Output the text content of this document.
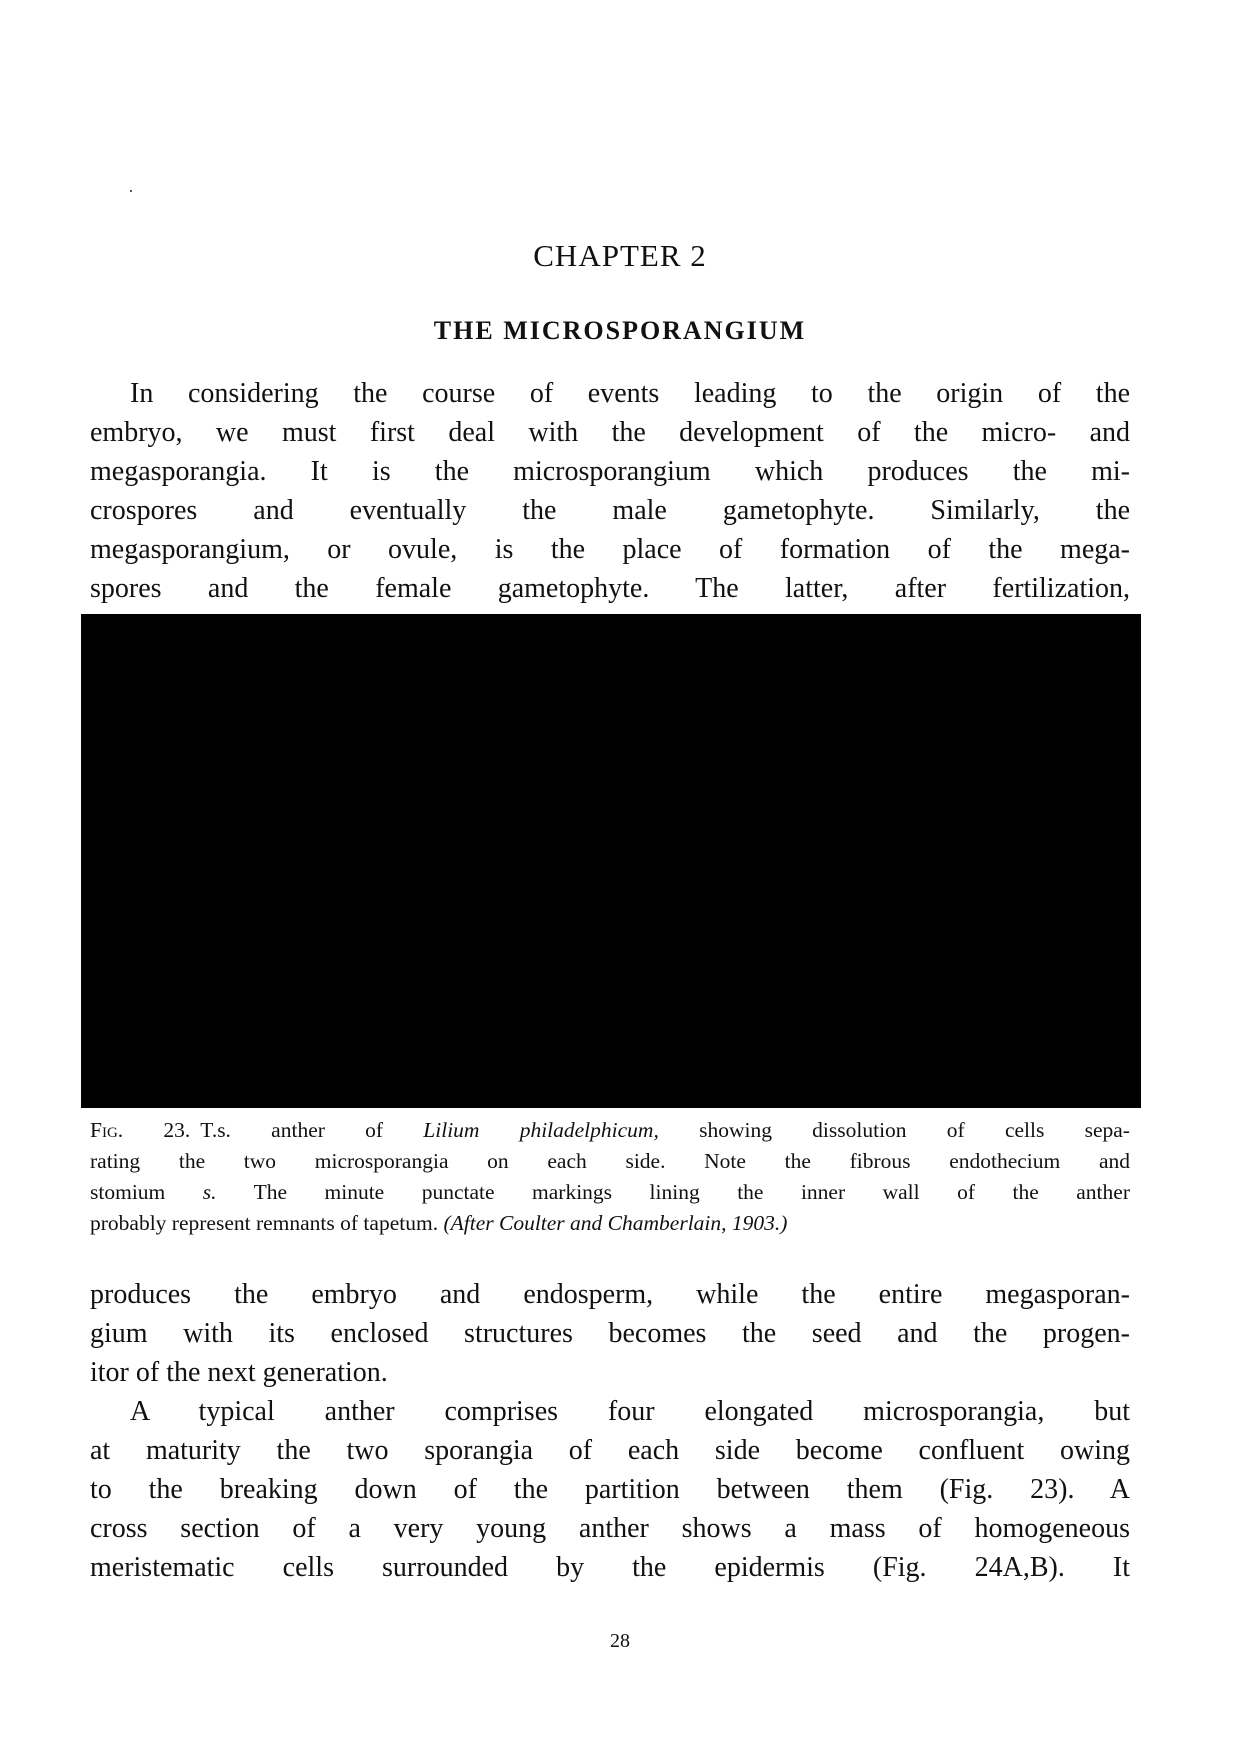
CHAPTER 2
THE MICROSPORANGIUM
In considering the course of events leading to the origin of the
embryo, we must first deal with the development of the micro- and
megasporangia. It is the microsporangium which produces the mi-
crospores and eventually the male gametophyte. Similarly, the
megasporangium, or ovule, is the place of formation of the mega-
spores and the female gametophyte. The latter, after fertilization,
Fig. 23. T.s. anther of Lilium philadelphicum, showing dissolution of cells sepa-
rating the two microsporangia on each side. Note the fibrous endothecium and
stomium s. The minute punctate markings lining the inner wall of the anther
probably represent remnants of tapetum. (After Coulter and Chamberlain, 1903.)
produces the embryo and endosperm, while the entire megasporan-
gium with its enclosed structures becomes the seed and the progen-
itor of the next generation.
A typical anther comprises four elongated microsporangia, but
at maturity the two sporangia of each side become confluent owing
to the breaking down of the partition between them (Fig. 23). A
cross section of a very young anther shows a mass of homogeneous
meristematic cells surrounded by the epidermis (Fig. 24A,B). It
28
